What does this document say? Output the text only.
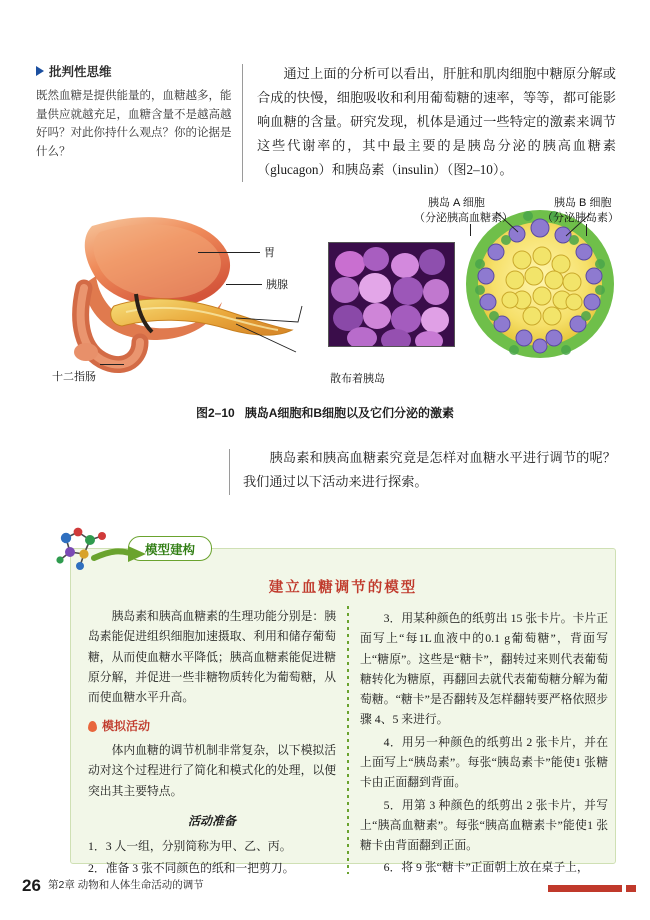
批判性思维
既然血糖是提供能量的，血糖越多，能量供应就越充足，血糖含量不是越高越好吗？对此你持什么观点？你的论据是什么？
通过上面的分析可以看出，肝脏和肌肉细胞中糖原分解或合成的快慢，细胞吸收和利用葡萄糖的速率，等等，都可能影响血糖的含量。研究发现，机体是通过一些特定的激素来调节这些代谢率的，其中最主要的是胰岛分泌的胰高血糖素（glucagon）和胰岛素（insulin）（图2–10）。
胃
胰腺
十二指肠	散布着胰岛
胰岛 A 细胞
（分泌胰高血糖素）
胰岛 B 细胞
（分泌胰岛素）
图2–10 胰岛A细胞和B细胞以及它们分泌的激素
胰岛素和胰高血糖素究竟是怎样对血糖水平进行调节的呢？我们通过以下活动来进行探索。
模型建构
建立血糖调节的模型
胰岛素和胰高血糖素的生理功能分别是：胰岛素能促进组织细胞加速摄取、利用和储存葡萄糖，从而使血糖水平降低；胰高血糖素能促进糖原分解，并促进一些非糖物质转化为葡萄糖，从而使血糖水平升高。
模拟活动
体内血糖的调节机制非常复杂，以下模拟活动对这个过程进行了简化和模式化的处理，以便突出其主要特点。
活动准备
1．3 人一组，分别简称为甲、乙、丙。
2．准备 3 张不同颜色的纸和一把剪刀。
3．用某种颜色的纸剪出 15 张卡片。卡片正面写上“每1L血液中的0.1 g葡萄糖”，背面写上“糖原”。这些是“糖卡”，翻转过来则代表葡萄糖转化为糖原，再翻回去就代表葡萄糖分解为葡萄糖。“糖卡”是否翻转及怎样翻转要严格依照步骤 4、5 来进行。
4．用另一种颜色的纸剪出 2 张卡片，并在上面写上“胰岛素”。每张“胰岛素卡”能使1 张糖卡由正面翻到背面。
5．用第 3 种颜色的纸剪出 2 张卡片，并写上“胰高血糖素”。每张“胰高血糖素卡”能使1 张糖卡由背面翻到正面。
6．将 9 张“糖卡”正面朝上放在桌子上，
26 第2章 动物和人体生命活动的调节
